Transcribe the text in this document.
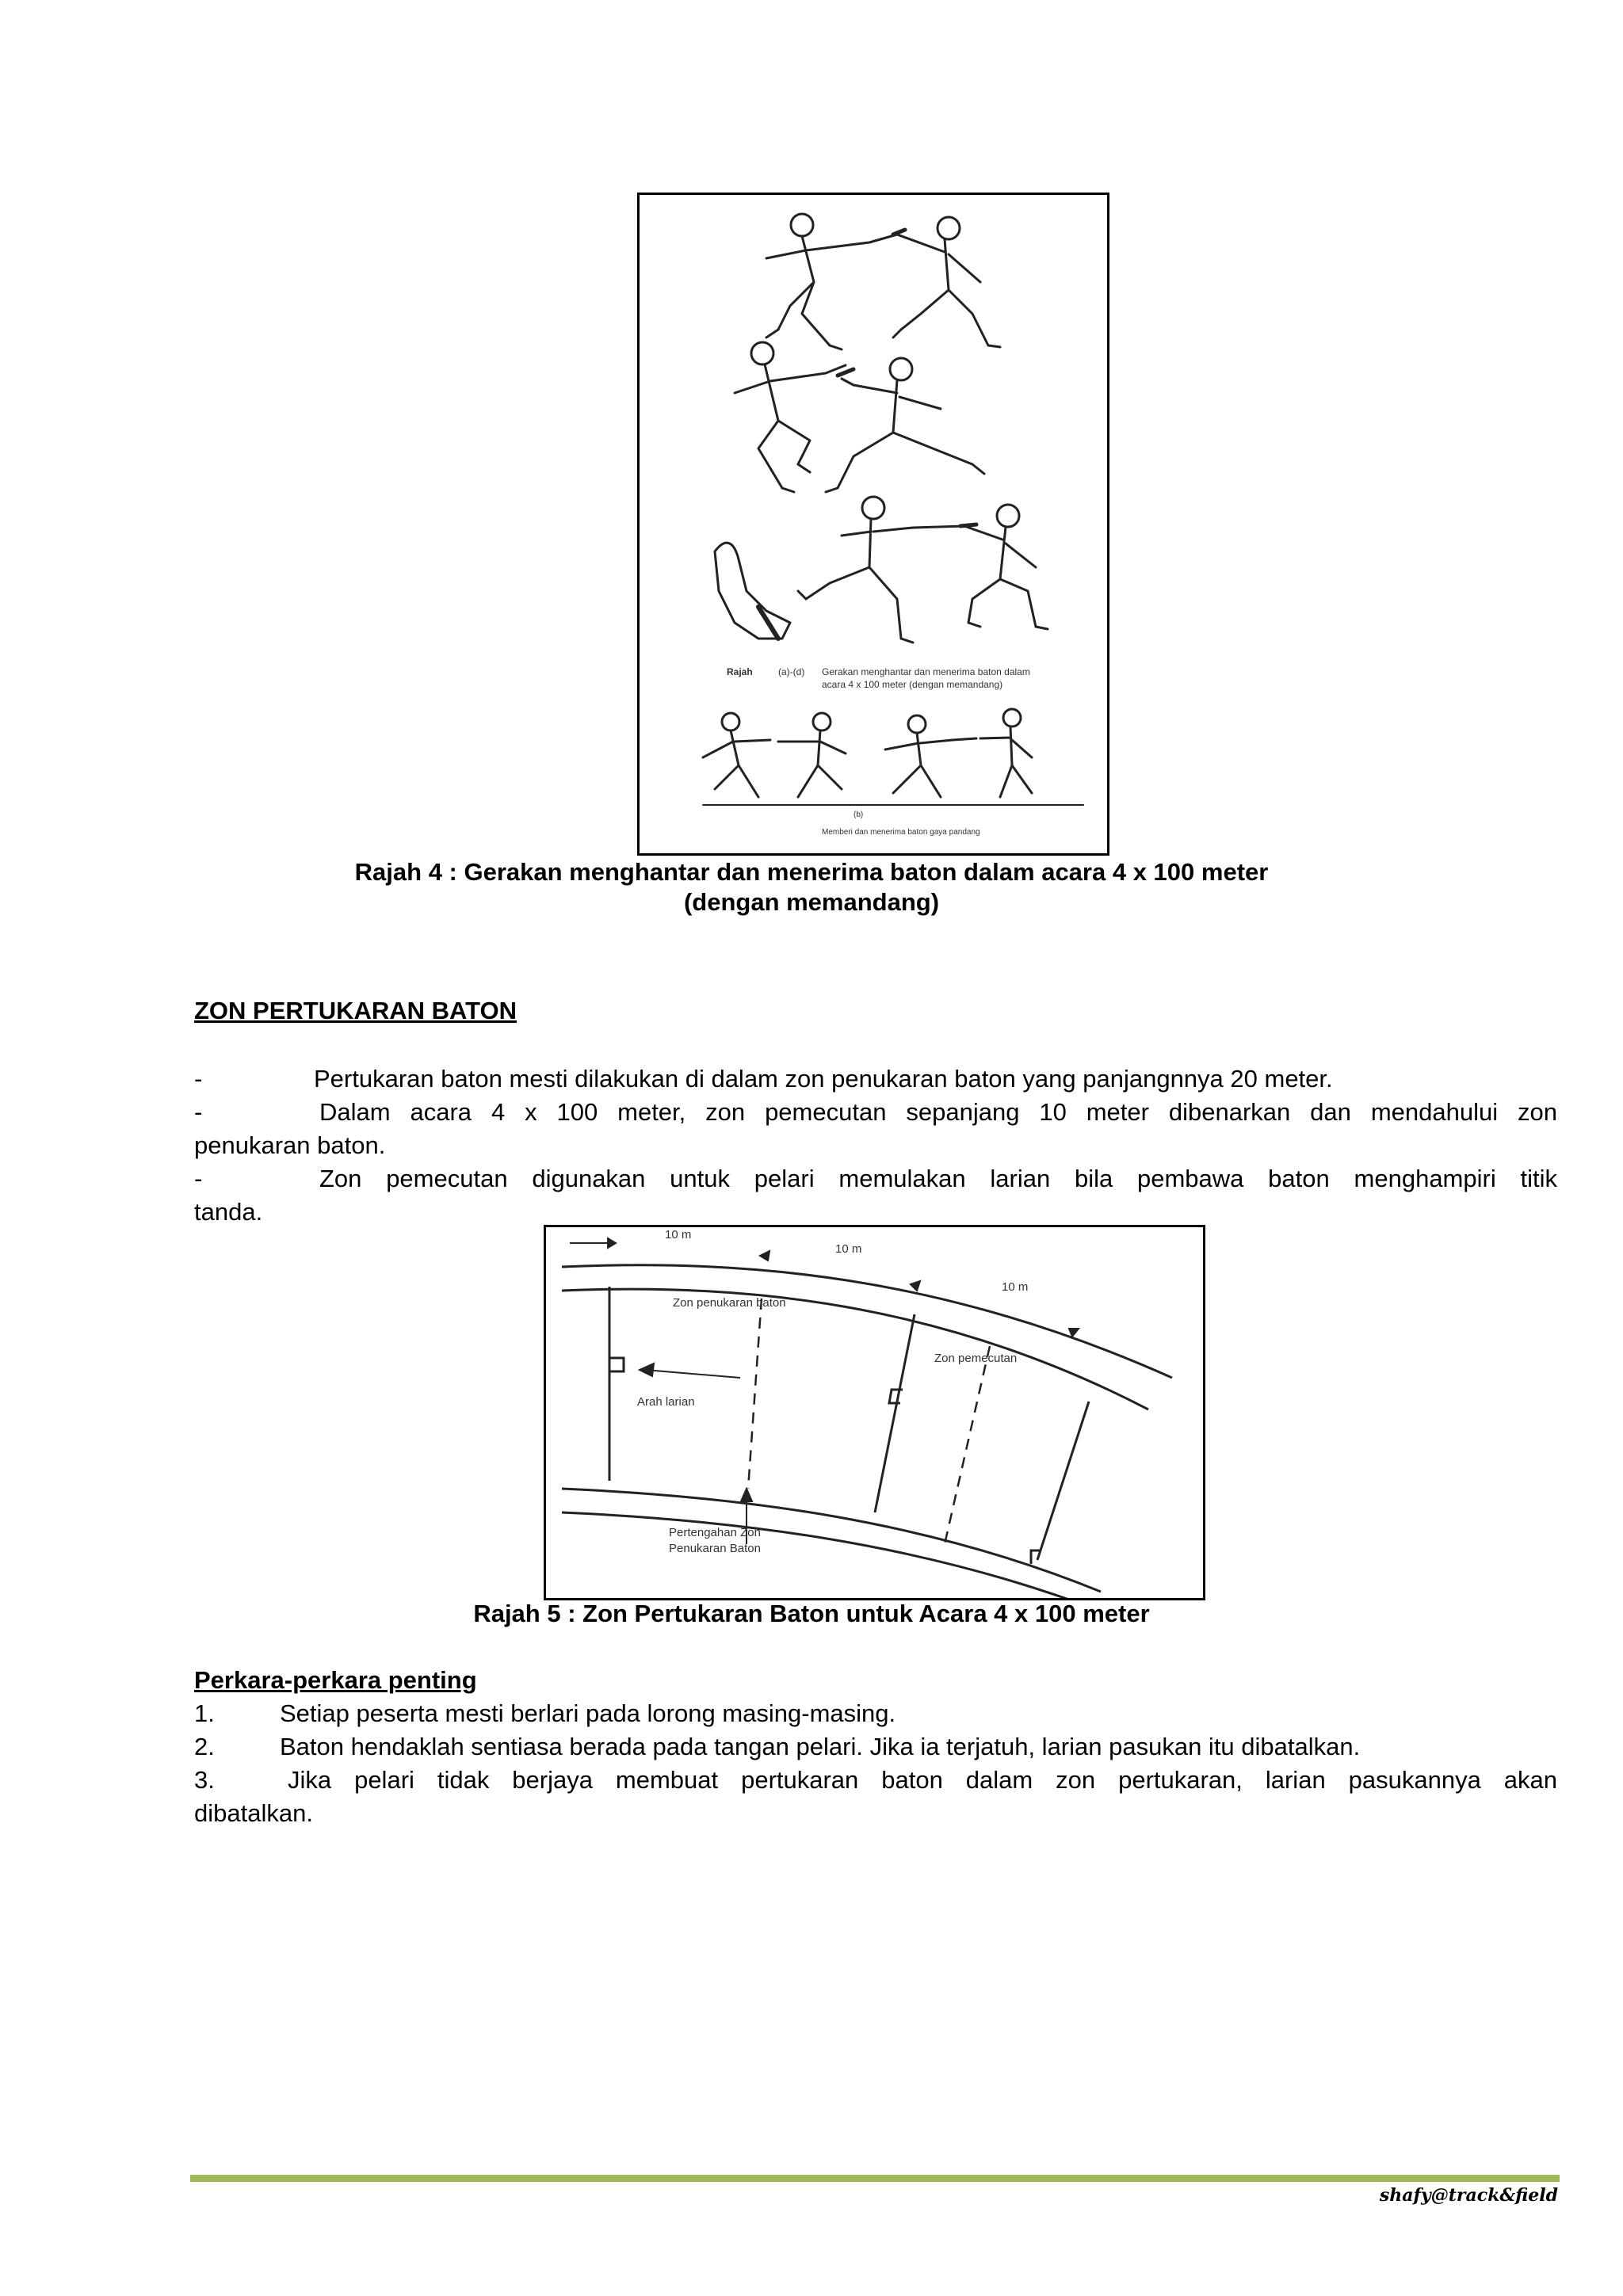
Rajah	(a)-(d) Gerakan menghantar dan menerima baton dalam
acara 4 x 100 meter (dengan memandang)
(b)
Memberi dan menerima baton gaya pandang
Rajah 4 : Gerakan menghantar dan menerima baton dalam acara 4 x 100 meter
(dengan memandang)
ZON PERTUKARAN BATON
-	Pertukaran baton mesti dilakukan di dalam zon penukaran baton yang panjangnnya 20 meter.
-	Dalam acara 4 x 100 meter, zon pemecutan sepanjang 10 meter dibenarkan dan mendahului zon
penukaran baton.
-	Zon pemecutan digunakan untuk pelari memulakan larian bila pembawa baton menghampiri titik
tanda.
10 m
10 m
10 m
Zon penukaran baton
Zon pemecutan
Arah larian
Pertengahan Zon
Penukaran Baton
Rajah 5 : Zon Pertukaran Baton untuk Acara 4 x 100 meter
Perkara-perkara penting
1.	Setiap peserta mesti berlari pada lorong masing-masing.
2.	Baton hendaklah sentiasa berada pada tangan pelari. Jika ia terjatuh, larian pasukan itu dibatalkan.
3.	Jika pelari tidak berjaya membuat pertukaran baton dalam zon pertukaran, larian pasukannya akan
dibatalkan.
shafy@track&field
